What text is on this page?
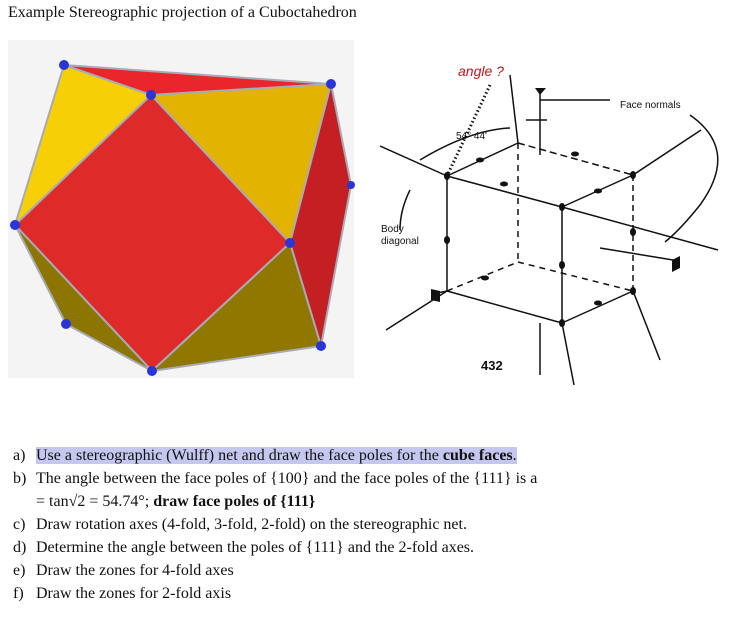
Example Stereographic projection of a Cuboctahedron
angle ?
54° 44'
Face normals
Body
diagonal
432
a) Use a stereographic (Wulff) net and draw the face poles for the cube faces.
b) The angle between the face poles of {100} and the face poles of the {111} is a
= tan√2 = 54.74°; draw face poles of {111}
c) Draw rotation axes (4-fold, 3-fold, 2-fold) on the stereographic net.
d) Determine the angle between the poles of {111} and the 2-fold axes.
e) Draw the zones for 4-fold axes
f) Draw the zones for 2-fold axis
